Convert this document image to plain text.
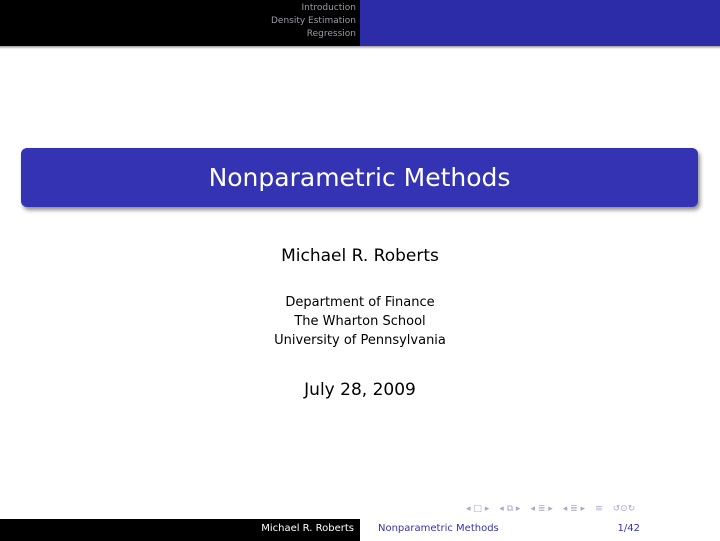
Introduction
Density Estimation
Regression
Nonparametric Methods
Michael R. Roberts
Department of Finance
The Wharton School
University of Pennsylvania
July 28, 2009
◂ □ ▸ ◂ ⧉ ▸ ◂ ≣ ▸ ◂ ≣ ▸ ≡ ↺⊙↻
Michael R. Roberts Nonparametric Methods	1/42
